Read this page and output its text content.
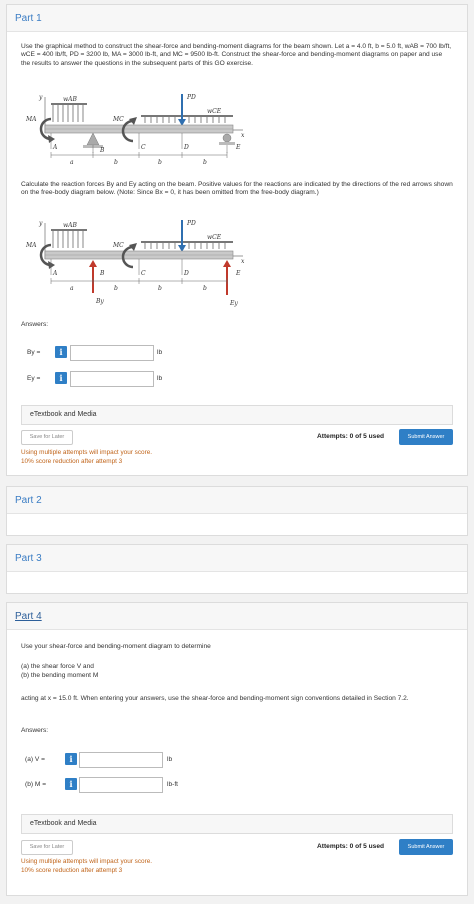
Part 1
Use the graphical method to construct the shear-force and bending-moment diagrams for the beam shown. Let a = 4.0 ft, b = 5.0 ft, wAB = 700 lb/ft, wCE = 400 lb/ft, PD = 3200 lb, MA = 3000 lb-ft, and MC = 9500 lb-ft. Construct the shear-force and bending-moment diagrams on paper and use the results to answer the questions in the subsequent parts of this GO exercise.
y
x
wAB
wCE
PD
MA	MC
A	B	C	D	E
a	b	b	b
Calculate the reaction forces By and Ey acting on the beam. Positive values for the reactions are indicated by the directions of the red arrows shown on the free-body diagram below. (Note: Since Bx = 0, it has been omitted from the free-body diagram.)
y
x
wAB
wCE
PD
MA	MC
By	Ey
A	B	C	D	E
a	b	b	b
Answers:
By =	i	lb
Ey =	i	lb
eTextbook and Media
Save for Later	Attempts: 0 of 5 used	Submit Answer
Using multiple attempts will impact your score.
10% score reduction after attempt 3
Part 2
Part 3
Part 4
Use your shear-force and bending-moment diagram to determine
(a) the shear force V and
(b) the bending moment M
acting at x = 15.0 ft. When entering your answers, use the shear-force and bending-moment sign conventions detailed in Section 7.2.
Answers:
(a) V =	i	lb
(b) M =	i	lb-ft
eTextbook and Media
Save for Later	Attempts: 0 of 5 used	Submit Answer
Using multiple attempts will impact your score.
10% score reduction after attempt 3
